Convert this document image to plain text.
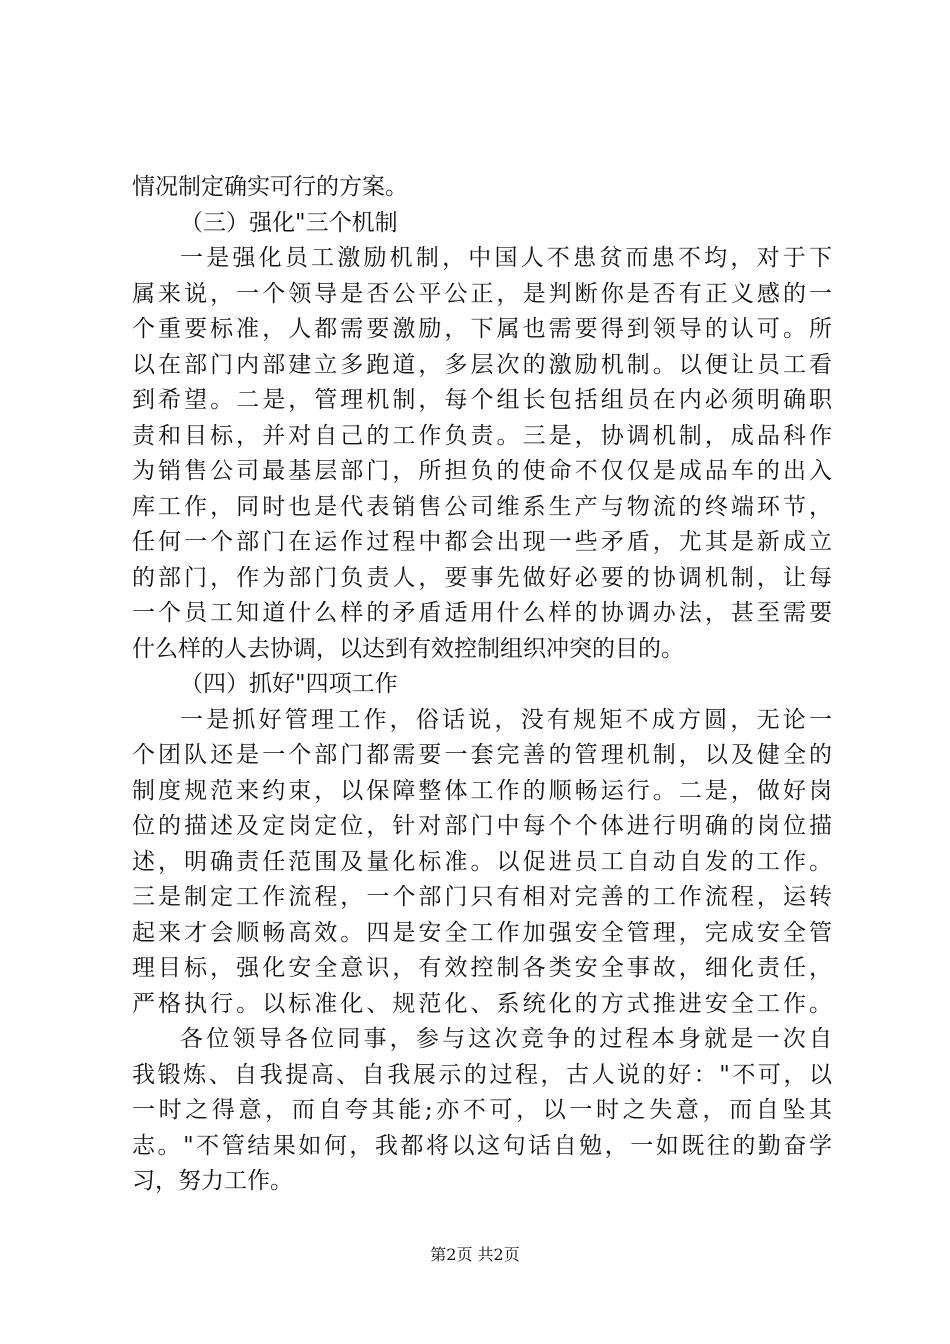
情况制定确实可行的方案。
（三）强化"三个机制
一是强化员工激励机制，中国人不患贫而患不均，对于下
属来说，一个领导是否公平公正，是判断你是否有正义感的一
个重要标准，人都需要激励，下属也需要得到领导的认可。所
以在部门内部建立多跑道，多层次的激励机制。以便让员工看
到希望。二是，管理机制，每个组长包括组员在内必须明确职
责和目标，并对自己的工作负责。三是，协调机制，成品科作
为销售公司最基层部门，所担负的使命不仅仅是成品车的出入
库工作，同时也是代表销售公司维系生产与物流的终端环节，
任何一个部门在运作过程中都会出现一些矛盾，尤其是新成立
的部门，作为部门负责人，要事先做好必要的协调机制，让每
一个员工知道什么样的矛盾适用什么样的协调办法，甚至需要
什么样的人去协调，以达到有效控制组织冲突的目的。
（四）抓好"四项工作
一是抓好管理工作，俗话说，没有规矩不成方圆，无论一
个团队还是一个部门都需要一套完善的管理机制，以及健全的
制度规范来约束，以保障整体工作的顺畅运行。二是，做好岗
位的描述及定岗定位，针对部门中每个个体进行明确的岗位描
述，明确责任范围及量化标准。以促进员工自动自发的工作。
三是制定工作流程，一个部门只有相对完善的工作流程，运转
起来才会顺畅高效。四是安全工作加强安全管理，完成安全管
理目标，强化安全意识，有效控制各类安全事故，细化责任，
严格执行。以标准化、规范化、系统化的方式推进安全工作。
各位领导各位同事，参与这次竞争的过程本身就是一次自
我锻炼、自我提高、自我展示的过程，古人说的好："不可，以
一时之得意，而自夸其能;亦不可，以一时之失意，而自坠其
志。"不管结果如何，我都将以这句话自勉，一如既往的勤奋学
习，努力工作。
第2页 共2页
